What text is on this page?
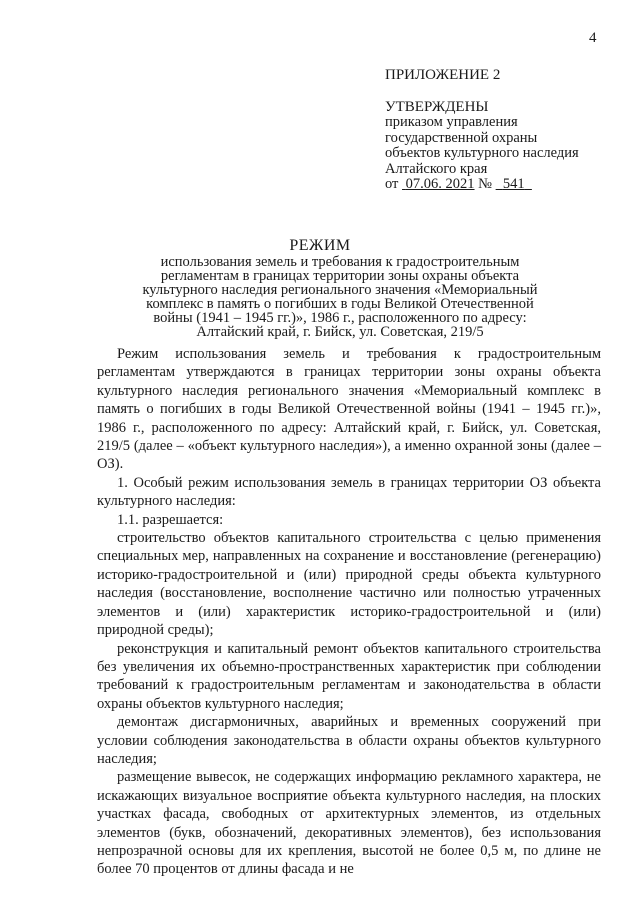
4
ПРИЛОЖЕНИЕ 2
УТВЕРЖДЕНЫ
приказом управления
государственной охраны
объектов культурного наследия
Алтайского края
от 07.06. 2021 № 541
РЕЖИМ
использования земель и требования к градостроительным
регламентам в границах территории зоны охраны объекта
культурного наследия регионального значения «Мемориальный
комплекс в память о погибших в годы Великой Отечественной
войны (1941 – 1945 гг.)», 1986 г., расположенного по адресу:
Алтайский край, г. Бийск, ул. Советская, 219/5

Режим использования земель и требования к градостроительным регламентам утверждаются в границах территории зоны охраны объекта культурного наследия регионального значения «Мемориальный комплекс в память о погибших в годы Великой Отечественной войны (1941 – 1945 гг.)», 1986 г., расположенного по адресу: Алтайский край, г. Бийск, ул. Советская, 219/5 (далее – «объект культурного наследия»), а именно охранной зоны (далее – ОЗ).

1. Особый режим использования земель в границах территории ОЗ объекта культурного наследия:

1.1. разрешается:

строительство объектов капитального строительства с целью применения специальных мер, направленных на сохранение и восстановление (регенерацию) историко-градостроительной и (или) природной среды объекта культурного наследия (восстановление, восполнение частично или полностью утраченных элементов и (или) характеристик историко-градостроительной и (или) природной среды);

реконструкция и капитальный ремонт объектов капитального строительства без увеличения их объемно-пространственных характеристик при соблюдении требований к градостроительным регламентам и законодательства в области охраны объектов культурного наследия;

демонтаж дисгармоничных, аварийных и временных сооружений при условии соблюдения законодательства в области охраны объектов культурного наследия;

размещение вывесок, не содержащих информацию рекламного характера, не искажающих визуальное восприятие объекта культурного наследия, на плоских участках фасада, свободных от архитектурных элементов, из отдельных элементов (букв, обозначений, декоративных элементов), без использования непрозрачной основы для их крепления, высотой не более 0,5 м, по длине не более 70 процентов от длины фасада и не
